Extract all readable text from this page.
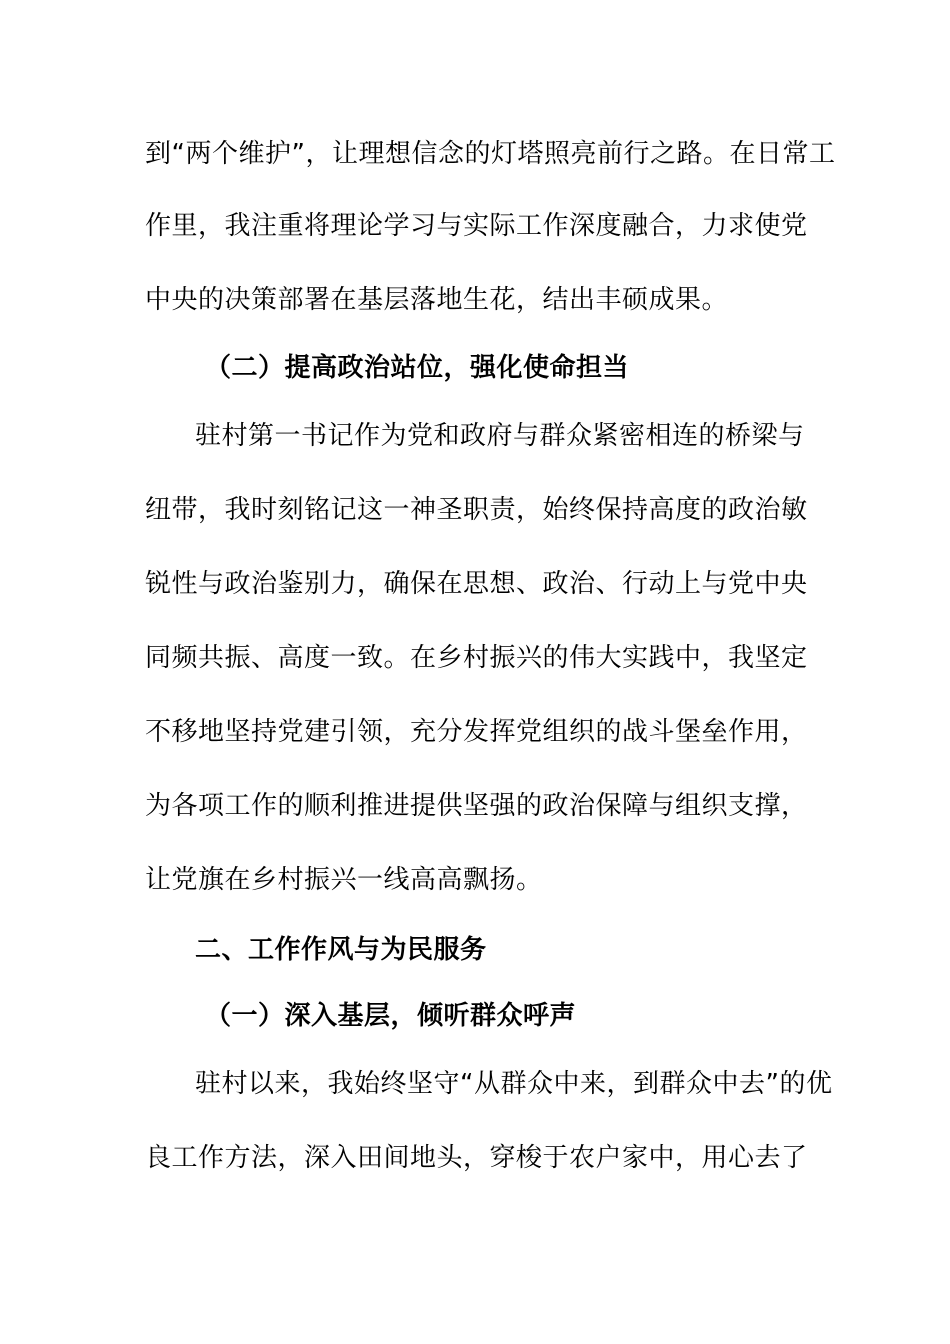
到“两个维护”，让理想信念的灯塔照亮前行之路。在日常工
作里，我注重将理论学习与实际工作深度融合，力求使党
中央的决策部署在基层落地生花，结出丰硕成果。
（二）提高政治站位，强化使命担当
驻村第一书记作为党和政府与群众紧密相连的桥梁与
纽带，我时刻铭记这一神圣职责，始终保持高度的政治敏
锐性与政治鉴别力，确保在思想、政治、行动上与党中央
同频共振、高度一致。在乡村振兴的伟大实践中，我坚定
不移地坚持党建引领，充分发挥党组织的战斗堡垒作用，
为各项工作的顺利推进提供坚强的政治保障与组织支撑，
让党旗在乡村振兴一线高高飘扬。
二、工作作风与为民服务
（一）深入基层，倾听群众呼声
驻村以来，我始终坚守“从群众中来，到群众中去”的优
良工作方法，深入田间地头，穿梭于农户家中，用心去了
